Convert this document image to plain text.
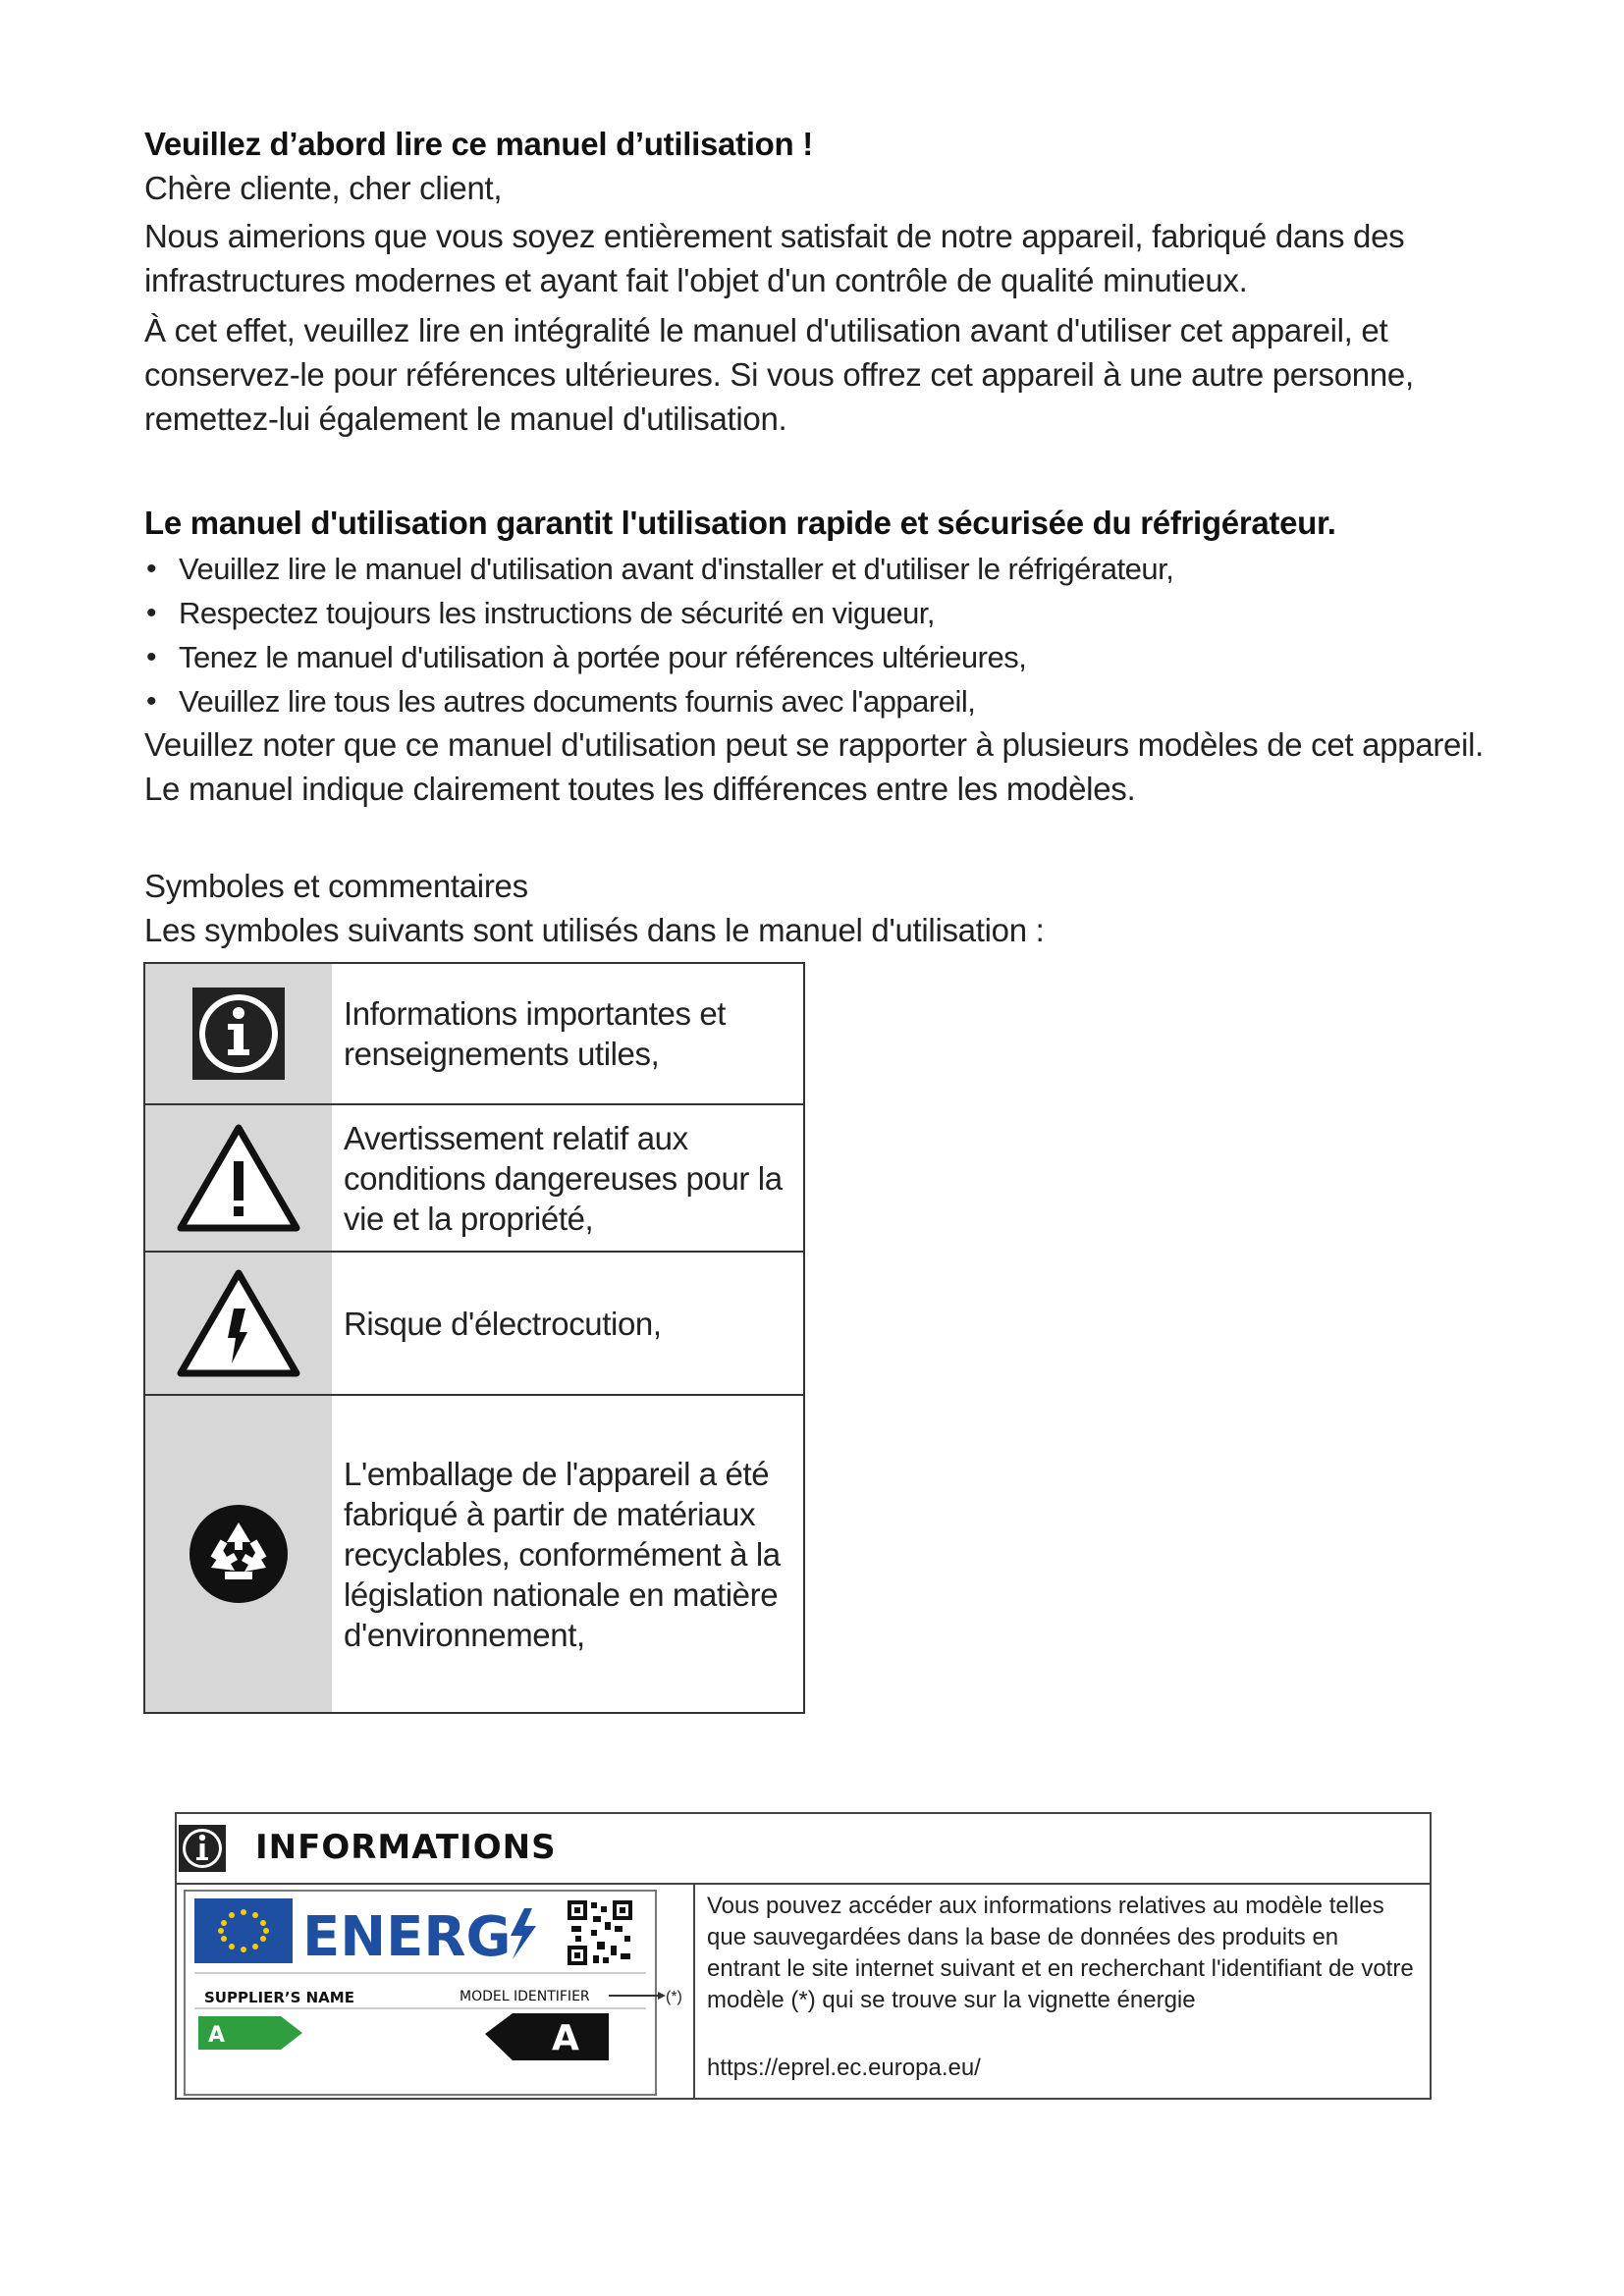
Veuillez d’abord lire ce manuel d’utilisation !

Chère cliente, cher client,

Nous aimerions que vous soyez entièrement satisfait de notre appareil, fabriqué dans des infrastructures modernes et ayant fait l'objet d'un contrôle de qualité minutieux.

À cet effet, veuillez lire en intégralité le manuel d'utilisation avant d'utiliser cet appareil, et conservez-le pour références ultérieures. Si vous offrez cet appareil à une autre personne, remettez-lui également le manuel d'utilisation.

Le manuel d'utilisation garantit l'utilisation rapide et sécurisée du réfrigérateur.

• Veuillez lire le manuel d'utilisation avant d'installer et d'utiliser le réfrigérateur,
• Respectez toujours les instructions de sécurité en vigueur,
• Tenez le manuel d'utilisation à portée pour références ultérieures,
• Veuillez lire tous les autres documents fournis avec l'appareil,

Veuillez noter que ce manuel d'utilisation peut se rapporter à plusieurs modèles de cet appareil. Le manuel indique clairement toutes les différences entre les modèles.

Symboles et commentaires

Les symboles suivants sont utilisés dans le manuel d'utilisation :

Informations importantes et renseignements utiles,
Avertissement relatif aux conditions dangereuses pour la vie et la propriété,
Risque d'électrocution,
L'emballage de l'appareil a été fabriqué à partir de matériaux recyclables, conformément à la législation nationale en matière d'environnement,
INFORMATIONS
ENERG
SUPPLIER’S NAME	MODEL IDENTIFIER	(*)
A	A
Vous pouvez accéder aux informations relatives au modèle telles que sauvegardées dans la base de données des produits en entrant le site internet suivant et en recherchant l'identifiant de votre modèle (*) qui se trouve sur la vignette énergie
https://eprel.ec.europa.eu/
